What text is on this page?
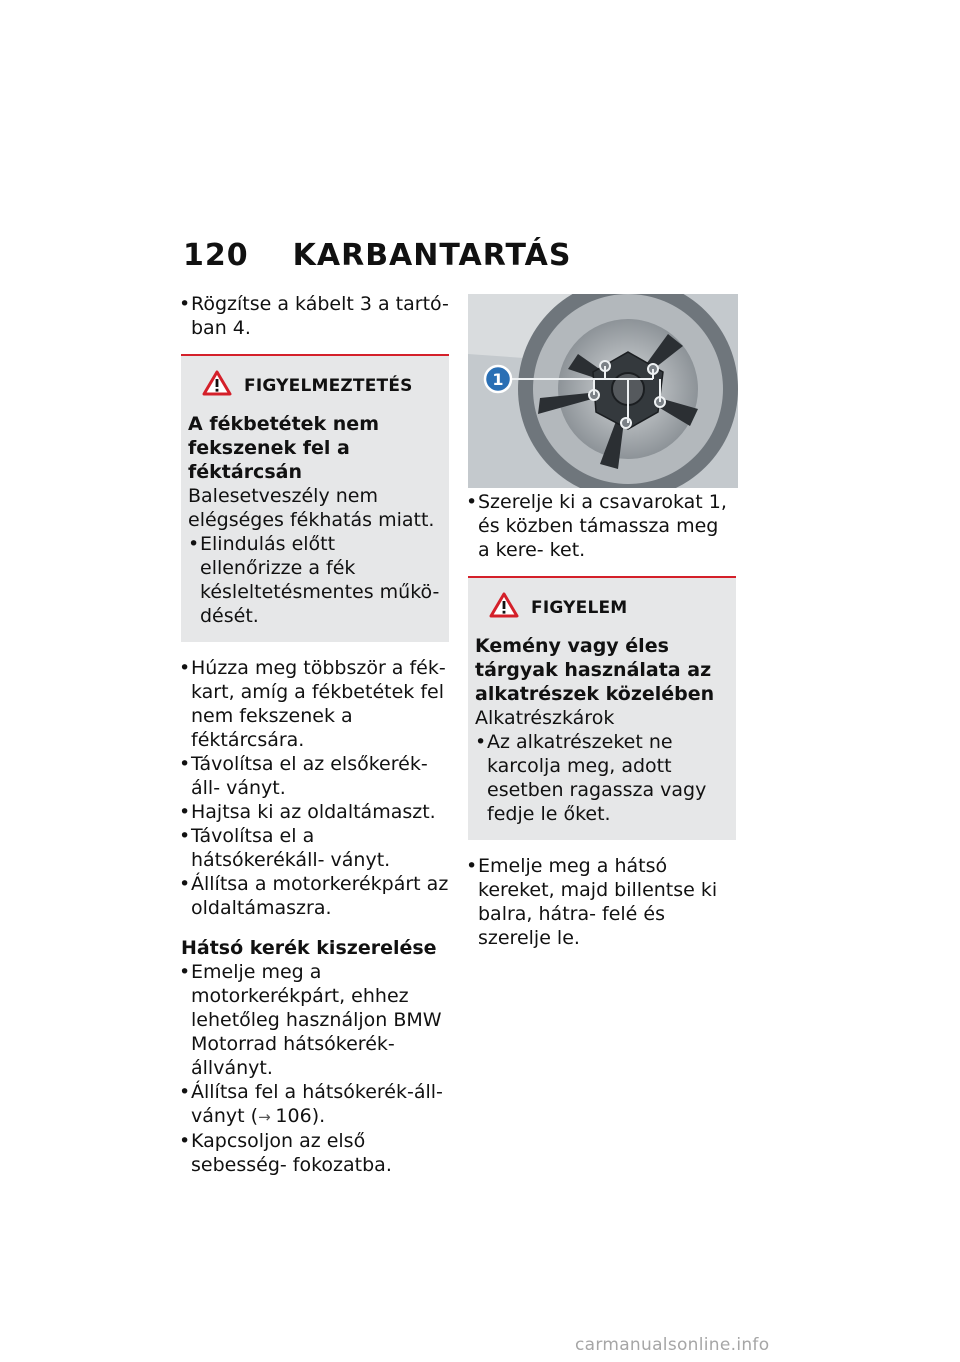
120 KARBANTARTÁS

• Rögzítse a kábelt 3 a tartó- ban 4.

FIGYELMEZTETÉS
A fékbetétek nem fekszenek fel a féktárcsán
Balesetveszély nem elégséges fékhatás miatt.
• Elindulás előtt ellenőrizze a fék késleltetésmentes műkö- dését.

• Húzza meg többször a fék- kart, amíg a fékbetétek fel nem fekszenek a féktárcsára.

• Távolítsa el az elsőkerék-áll- ványt.

• Hajtsa ki az oldaltámaszt.

• Távolítsa el a hátsókerékáll- ványt.

• Állítsa a motorkerékpárt az oldaltámaszra.

Hátsó kerék kiszerelése

• Emelje meg a motorkerékpárt, ehhez lehetőleg használjon BMW Motorrad hátsókerék- állványt.

• Állítsa fel a hátsókerék-áll- ványt (→ 106).

• Kapcsoljon az első sebesség- fokozatba.

1

• Szerelje ki a csavarokat 1, és közben támassza meg a kere- ket.

FIGYELEM
Kemény vagy éles tárgyak használata az alkatrészek közelében
Alkatrészkárok
• Az alkatrészeket ne karcolja meg, adott esetben ragassza vagy fedje le őket.

• Emelje meg a hátsó kereket, majd billentse ki balra, hátra- felé és szerelje le.

carmanualsonline.info
